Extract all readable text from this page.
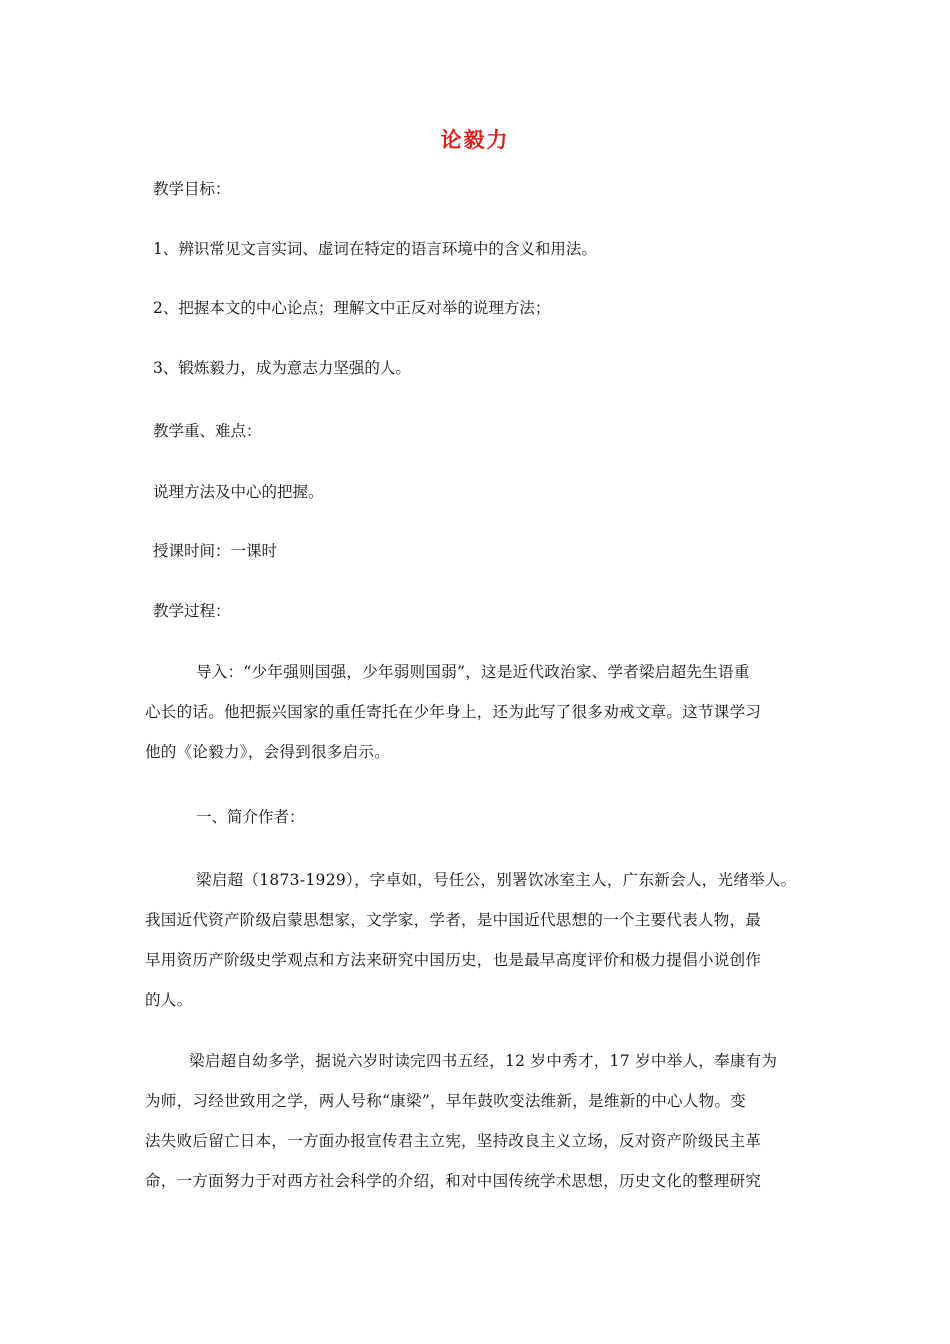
论毅力
教学目标：
1、辨识常见文言实词、虚词在特定的语言环境中的含义和用法。
2、把握本文的中心论点；理解文中正反对举的说理方法；
3、锻炼毅力，成为意志力坚强的人。
教学重、难点：
说理方法及中心的把握。
授课时间：一课时
教学过程：
导入：“少年强则国强，少年弱则国弱”，这是近代政治家、学者梁启超先生语重
心长的话。他把振兴国家的重任寄托在少年身上，还为此写了很多劝戒文章。这节课学习
他的《论毅力》，会得到很多启示。
一、简介作者：
梁启超（1873-1929），字卓如，号任公，别署饮冰室主人，广东新会人，光绪举人。
我国近代资产阶级启蒙思想家，文学家，学者，是中国近代思想的一个主要代表人物，最
早用资历产阶级史学观点和方法来研究中国历史，也是最早高度评价和极力提倡小说创作
的人。
梁启超自幼多学，据说六岁时读完四书五经，12 岁中秀才，17 岁中举人，奉康有为
为师，习经世致用之学，两人号称“康梁”，早年鼓吹变法维新，是维新的中心人物。变
法失败后留亡日本，一方面办报宣传君主立宪，坚持改良主义立场，反对资产阶级民主革
命，一方面努力于对西方社会科学的介绍，和对中国传统学术思想，历史文化的整理研究
